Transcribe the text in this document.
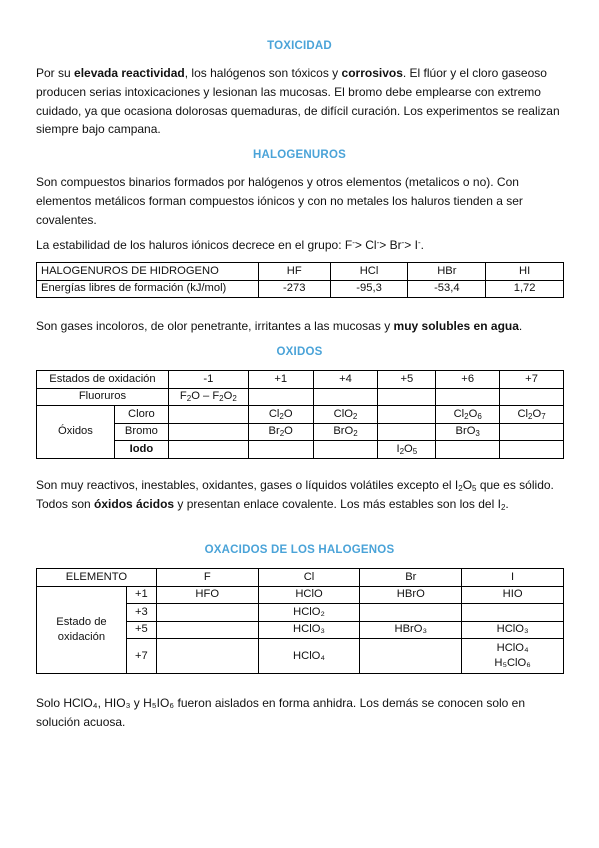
TOXICIDAD

Por su elevada reactividad, los halógenos son tóxicos y corrosivos. El flúor y el cloro gaseoso producen serias intoxicaciones y lesionan las mucosas. El bromo debe emplearse con extremo cuidado, ya que ocasiona dolorosas quemaduras, de difícil curación. Los experimentos se realizan siempre bajo campana.

HALOGENUROS

Son compuestos binarios formados por halógenos y otros elementos (metalicos o no). Con elementos metálicos forman compuestos iónicos y con no metales los haluros tienden a ser covalentes.

La estabilidad de los haluros iónicos decrece en el grupo: F-> Cl-> Br-> I-.

HALOGENUROS DE HIDROGENO	HF	HCl	HBr	HI
Energías libres de formación (kJ/mol)	-273	-95,3	-53,4	1,72

Son gases incoloros, de olor penetrante, irritantes a las mucosas y muy solubles en agua.

OXIDOS
Estados de oxidación		-1	+1	+4	+5	+6	+7
Fluoruros		$F_2O - F_2O_2$					
Óxidos	Cloro		$Cl_2O$	ClO$_2$		$Cl_2O_6$	$Cl_2O_7$
	Bromo		$Br_2O$	BrO$_2$		BrO$_3$	
	Iodo				$I_2O_5$		

Son muy reactivos, inestables, oxidantes, gases o líquidos volátiles excepto el $I_2O_5$ que es sólido. Todos son óxidos ácidos y presentan enlace covalente. Los más estables son los del $I_2$.

OXACIDOS DE LOS HALOGENOS
ELEMENTO		F	Cl	Br	I
Estado de
oxidación	+1	HFO	HClO	HBrO	HIO
	+3		HClO₂		
	+5		HClO₃	HBrO₃	HClO₃
	+7		HClO₄		HClO₄
H₅ClO₆

Solo HClO₄, HIO₃ y H₅IO₆ fueron aislados en forma anhidra. Los demás se conocen solo en solución acuosa.
